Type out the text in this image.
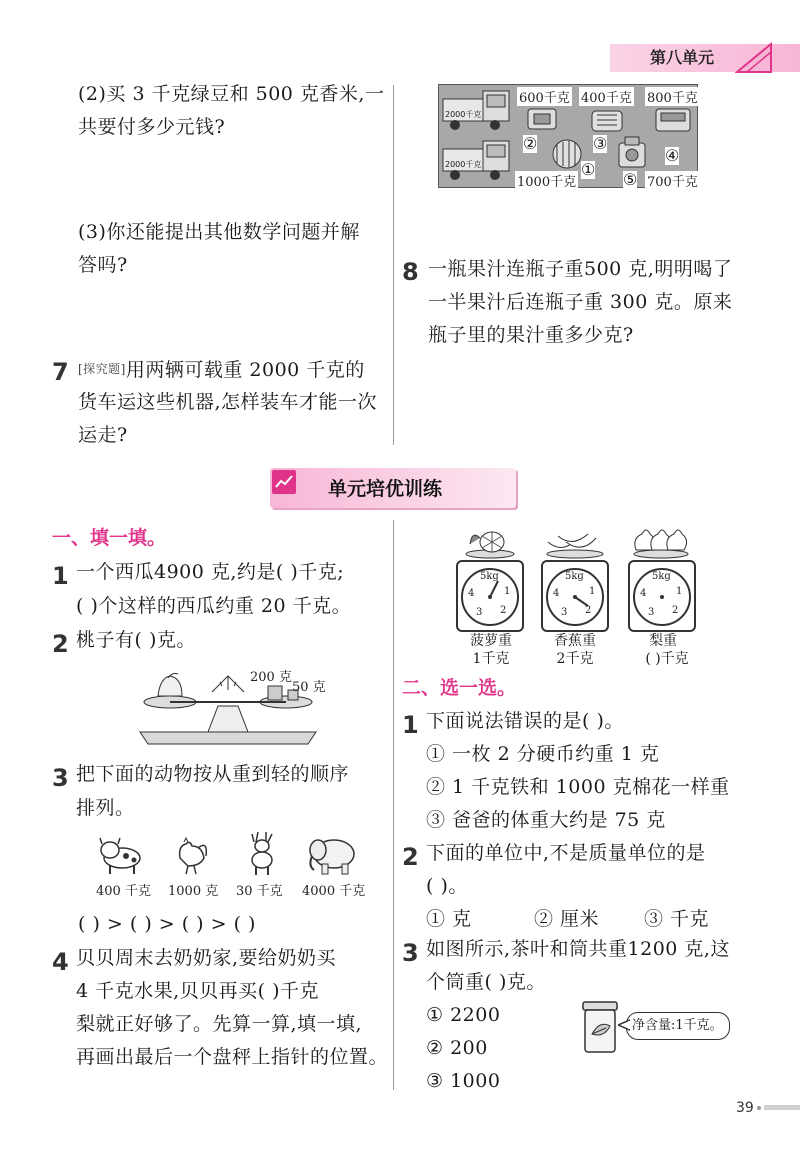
第八单元
(2)买 3 千克绿豆和 500 克香米,一
共要付多少元钱?
(3)你还能提出其他数学问题并解
答吗?
7 [探究题]用两辆可载重 2000 千克的
货车运这些机器,怎样装车才能一次
运走?
2000千克
2000千克
600千克 400千克 800千克
1000千克	700千克
①
②	③
④
⑤
8 一瓶果汁连瓶子重500 克,明明喝了
一半果汁后连瓶子重 300 克。原来
瓶子里的果汁重多少克?
单元培优训练
一、填一填。
1 一个西瓜4900 克,约是( )千克;
( )个这样的西瓜约重 20 千克。
2 桃子有( )克。
200 克
50 克
3 把下面的动物按从重到轻的顺序
排列。
400 千克 1000 克 30 千克 4000 千克
( ) > ( ) > ( ) > ( )
4 贝贝周末去奶奶家,要给奶奶买
4 千克水果,贝贝再买( )千克
梨就正好够了。先算一算,填一填,
再画出最后一个盘秤上指针的位置。
5kg
1
2
3
4
5kg
1
2
3
4
5kg
1
2
3
4
菠萝重
1千克
香蕉重
2千克
梨重
( )千克
二、选一选。
1 下面说法错误的是( )。
① 一枚 2 分硬币约重 1 克
② 1 千克铁和 1000 克棉花一样重
③ 爸爸的体重大约是 75 克
2 下面的单位中,不是质量单位的是
( )。
① 克	② 厘米 ③ 千克
3 如图所示,茶叶和筒共重1200 克,这
个筒重( )克。
① 2200
② 200
③ 1000
净含量:1千克。
39
